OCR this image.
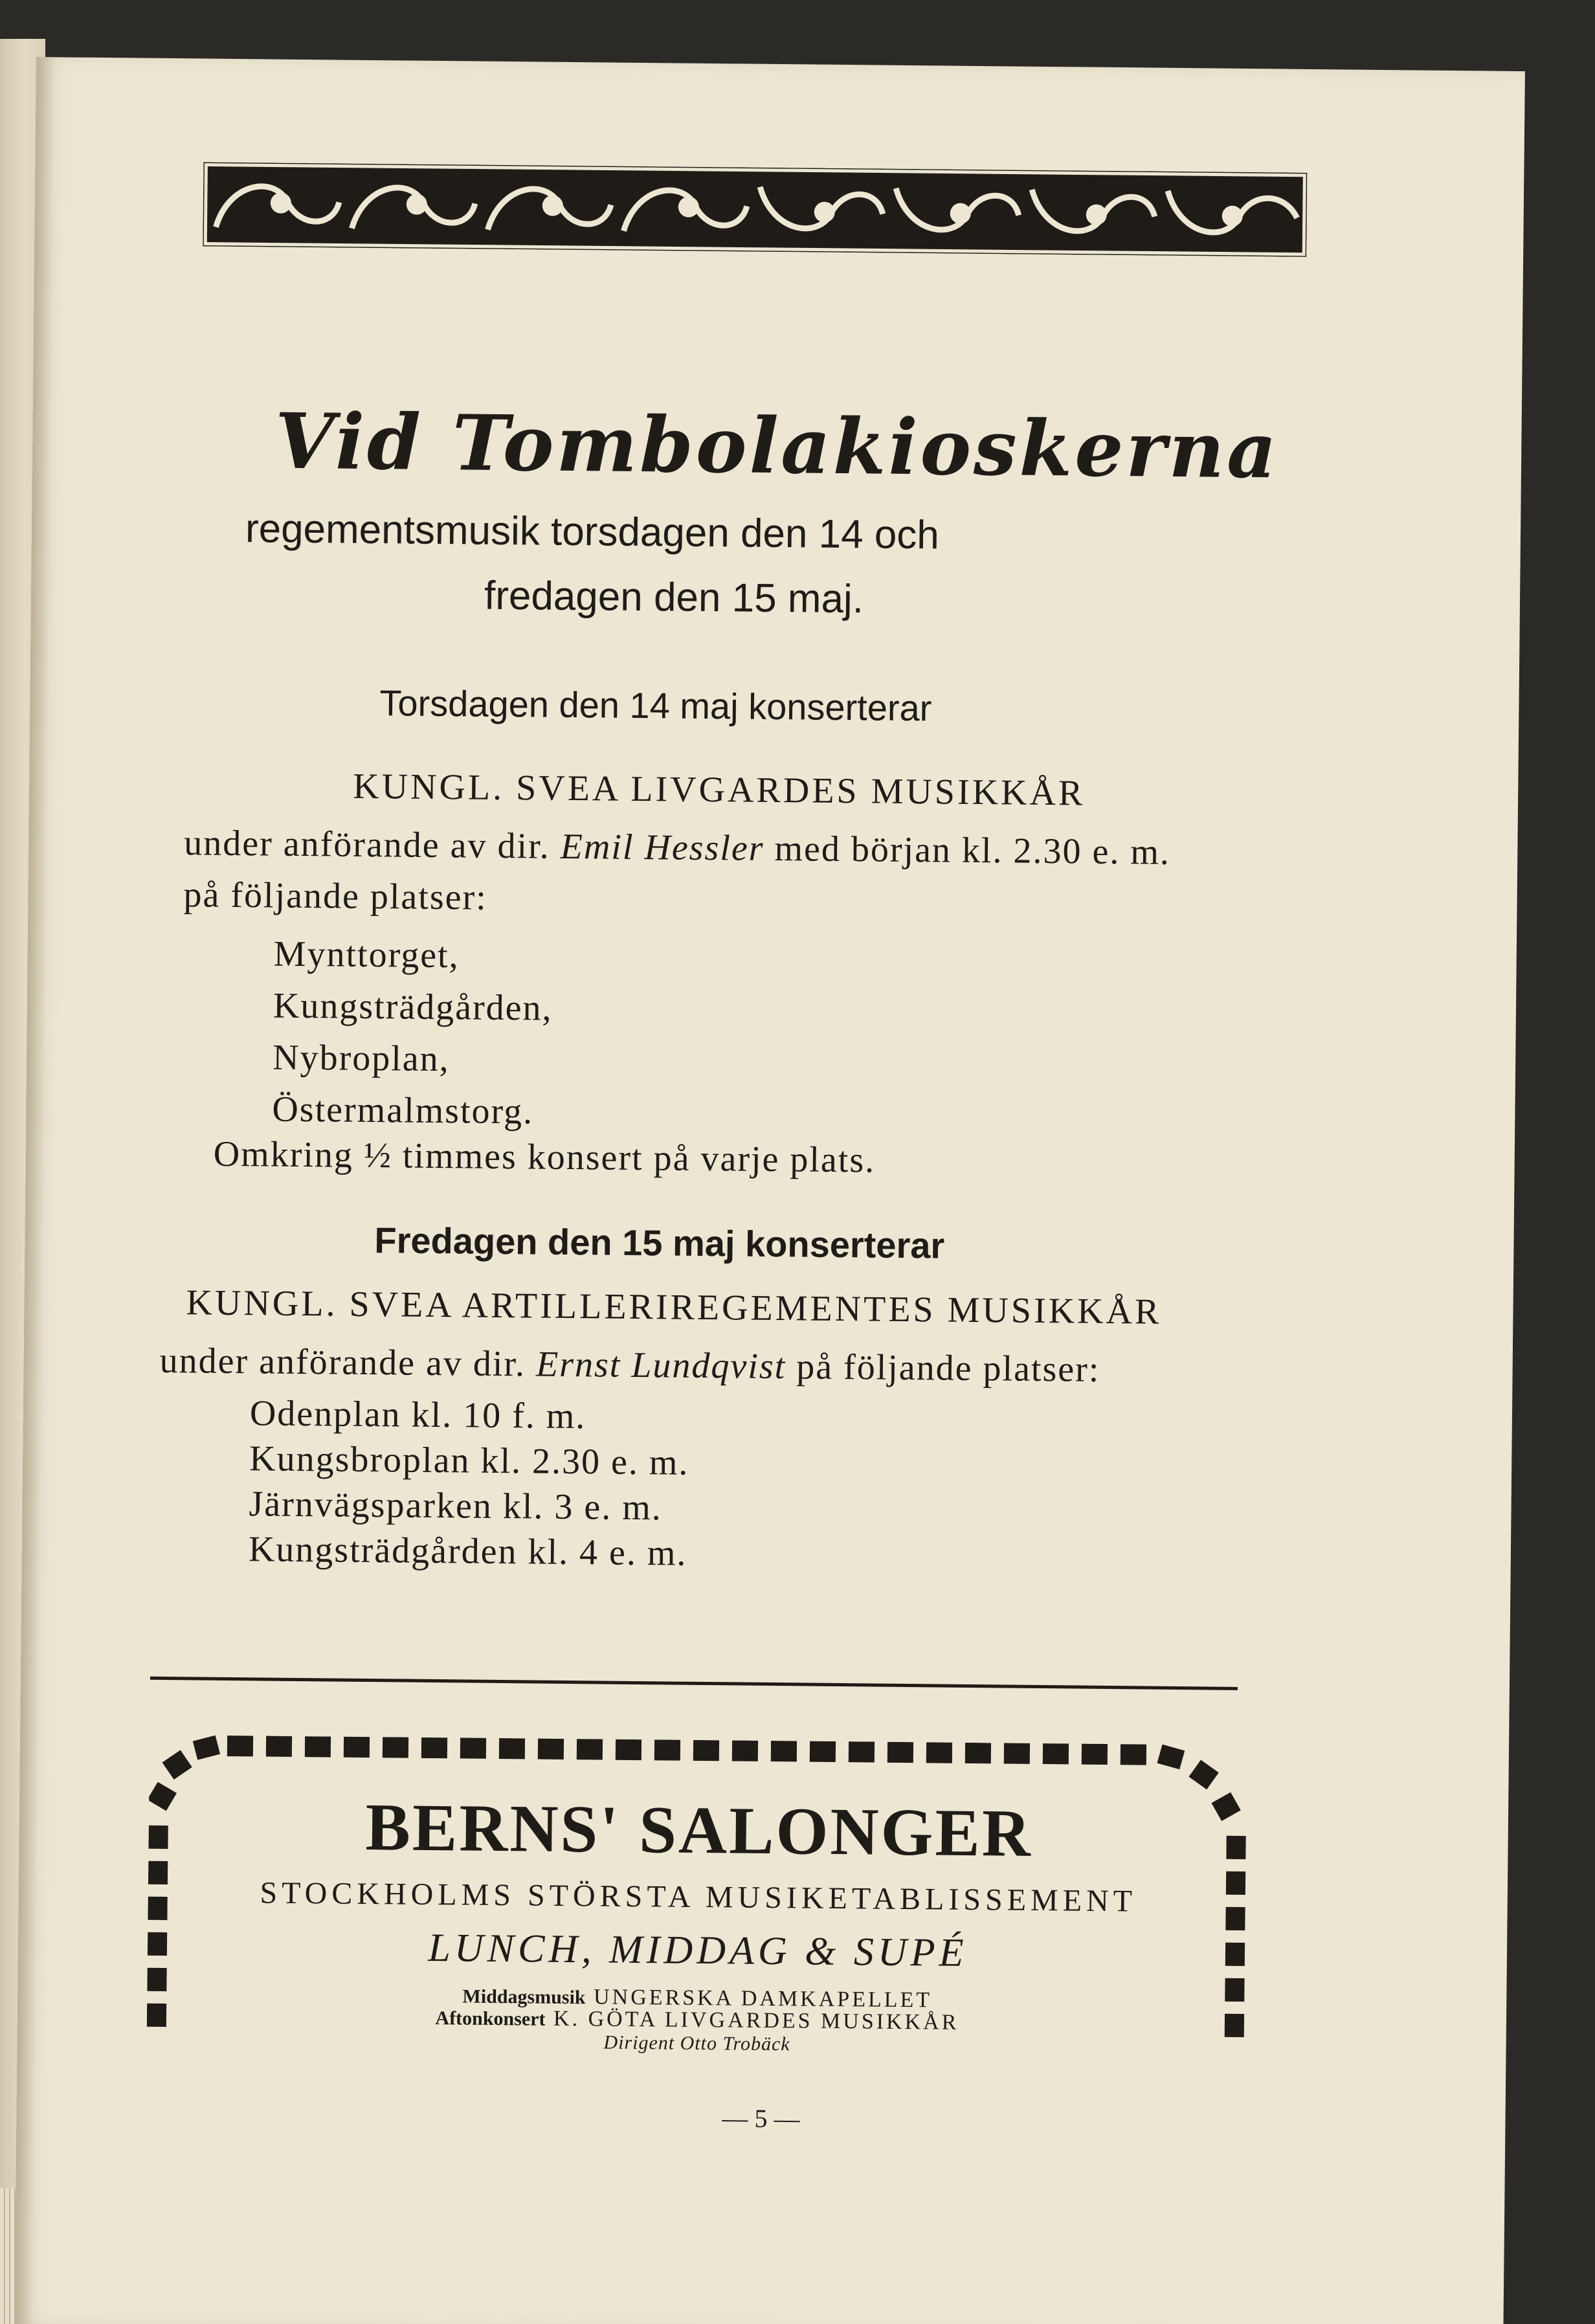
Vid Tombolakioskerna
regementsmusik torsdagen den 14 och
fredagen den 15 maj.
Torsdagen den 14 maj konserterar
KUNGL. SVEA LIVGARDES MUSIKKÅR
under anförande av dir. Emil Hessler med början kl. 2.30 e. m.
på följande platser:
Mynttorget,
Kungsträdgården,
Nybroplan,
Östermalmstorg.
Omkring ½ timmes konsert på varje plats.
Fredagen den 15 maj konserterar
KUNGL. SVEA ARTILLERIREGEMENTES MUSIKKÅR
under anförande av dir. Ernst Lundqvist på följande platser:
Odenplan kl. 10 f. m.
Kungsbroplan kl. 2.30 e. m.
Järnvägsparken kl. 3 e. m.
Kungsträdgården kl. 4 e. m.
BERNS' SALONGER
STOCKHOLMS STÖRSTA MUSIKETABLISSEMENT
LUNCH, MIDDAG & SUPÉ
Middagsmusik UNGERSKA DAMKAPELLET
Aftonkonsert K. GÖTA LIVGARDES MUSIKKÅR
Dirigent Otto Trobäck
— 5 —
